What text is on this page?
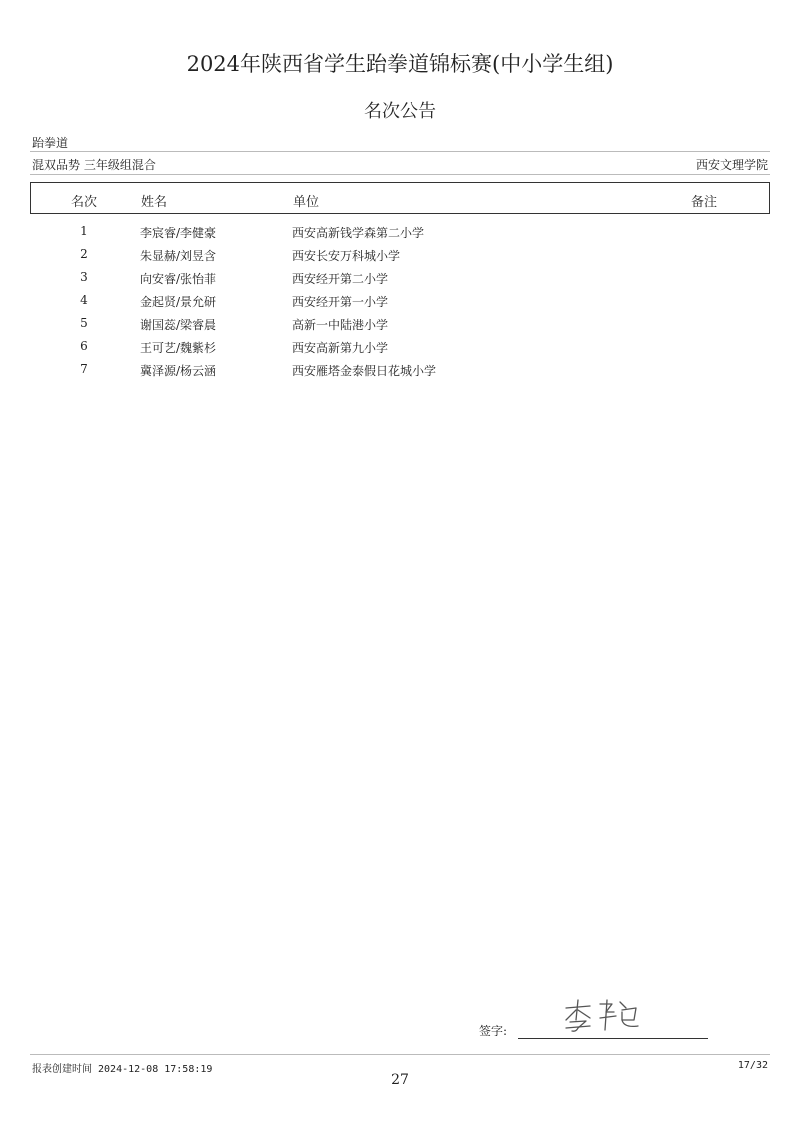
2024年陕西省学生跆拳道锦标赛(中小学生组)
名次公告
跆拳道
混双品势 三年级组混合	西安文理学院
名次	姓名	单位	备注
1	李宸睿/李健豪	西安高新钱学森第二小学
2	朱显赫/刘昱含	西安长安万科城小学
3	向安睿/张怡菲	西安经开第二小学
4	金起贤/景允研	西安经开第一小学
5	谢国蕊/梁睿晨	高新一中陆港小学
6	王可艺/魏紫杉	西安高新第九小学
7	冀泽源/杨云涵	西安雁塔金泰假日花城小学
签字:
报表创建时间 2024-12-08 17:58:19	17/32
27
